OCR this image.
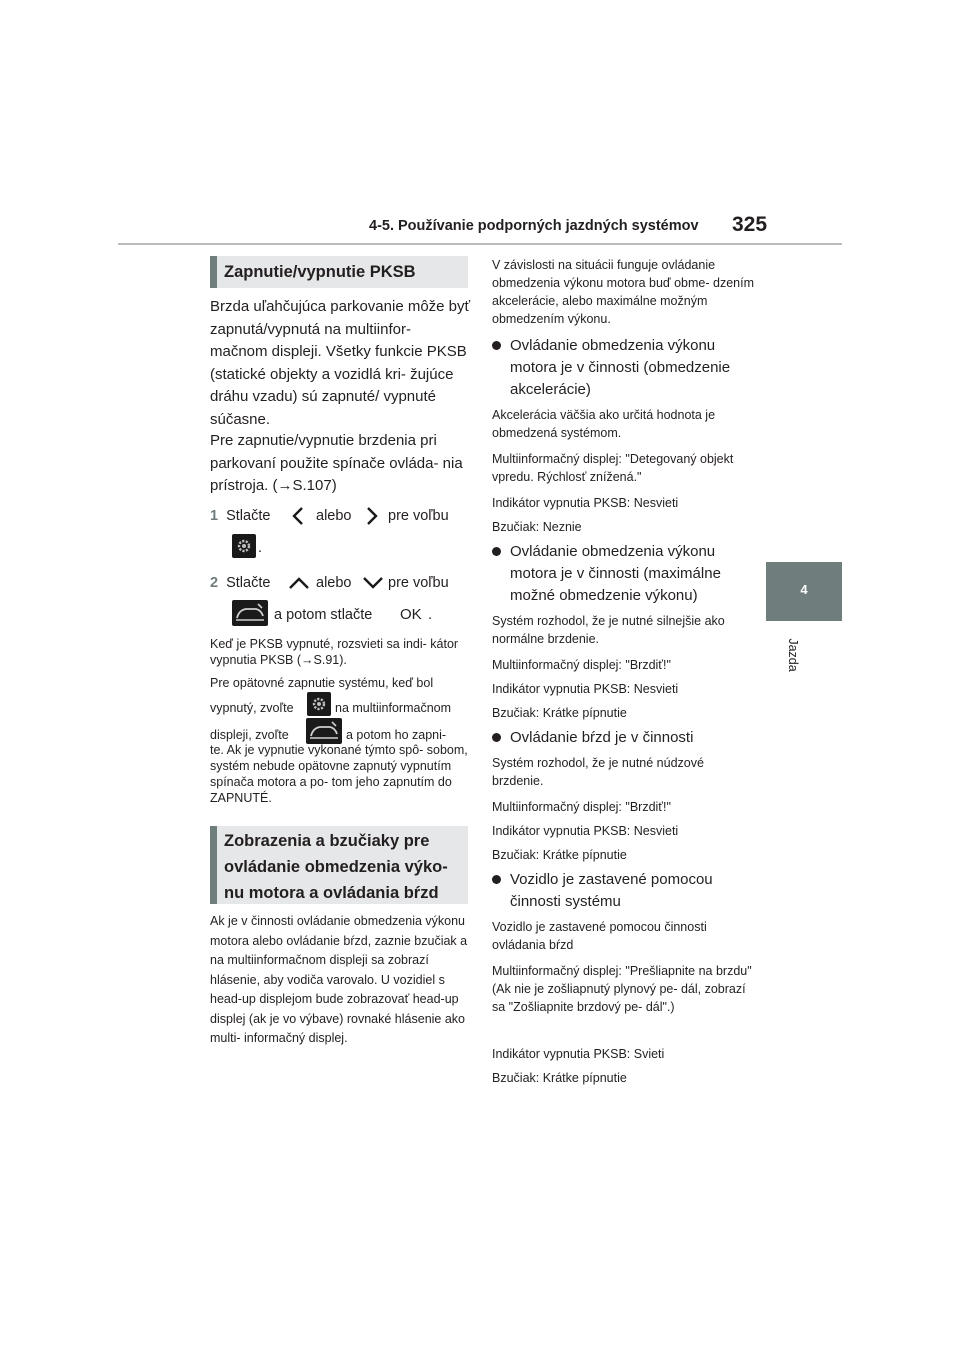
4-5. Používanie podporných jazdných systémov 325
4
Jazda
Zapnutie/vypnutie PKSB
Brzda uľahčujúca parkovanie môže byť zapnutá/vypnutá na multiinfor- mačnom displeji. Všetky funkcie PKSB (statické objekty a vozidlá kri- žujúce dráhu vzadu) sú zapnuté/ vypnuté súčasne.
Pre zapnutie/vypnutie brzdenia pri parkovaní použite spínače ovláda- nia prístroja. (→S.107)
1 Stlačte	alebo	pre voľbu
.
2 Stlačte	alebo	pre voľbu
a potom stlačte OK .
Keď je PKSB vypnuté, rozsvieti sa indi- kátor vypnutia PKSB (→S.91).
Pre opätovné zapnutie systému, keď bol
vypnutý, zvoľte	na multiinformačnom
displeji, zvoľte	a potom ho zapni-
te. Ak je vypnutie vykonané týmto spô- sobom, systém nebude opätovne zapnutý vypnutím spínača motora a po- tom jeho zapnutím do ZAPNUTÉ.
Zobrazenia a bzučiaky pre ovládanie obmedzenia výko- nu motora a ovládania bŕzd
Ak je v činnosti ovládanie obmedzenia výkonu motora alebo ovládanie bŕzd, zaznie bzučiak a na multiinformačnom displeji sa zobrazí hlásenie, aby vodiča varovalo. U vozidiel s head-up displejom bude zobrazovať head-up displej (ak je vo výbave) rovnaké hlásenie ako multi- informačný displej.
V závislosti na situácii funguje ovládanie obmedzenia výkonu motora buď obme- dzením akcelerácie, alebo maximálne možným obmedzením výkonu.
Ovládanie obmedzenia výkonu motora je v činnosti (obmedzenie akcelerácie)
Akcelerácia väčšia ako určitá hodnota je obmedzená systémom.
Multiinformačný displej: "Detegovaný objekt vpredu. Rýchlosť znížená."
Indikátor vypnutia PKSB: Nesvieti
Bzučiak: Neznie
Ovládanie obmedzenia výkonu motora je v činnosti (maximálne možné obmedzenie výkonu)
Systém rozhodol, že je nutné silnejšie ako normálne brzdenie.
Multiinformačný displej: "Brzdiť!"
Indikátor vypnutia PKSB: Nesvieti
Bzučiak: Krátke pípnutie
Ovládanie bŕzd je v činnosti
Systém rozhodol, že je nutné núdzové brzdenie.
Multiinformačný displej: "Brzdiť!"
Indikátor vypnutia PKSB: Nesvieti
Bzučiak: Krátke pípnutie
Vozidlo je zastavené pomocou činnosti systému
Vozidlo je zastavené pomocou činnosti ovládania bŕzd
Multiinformačný displej: "Prešliapnite na brzdu" (Ak nie je zošliapnutý plynový pe- dál, zobrazí sa "Zošliapnite brzdový pe- dál".)
Indikátor vypnutia PKSB: Svieti
Bzučiak: Krátke pípnutie
